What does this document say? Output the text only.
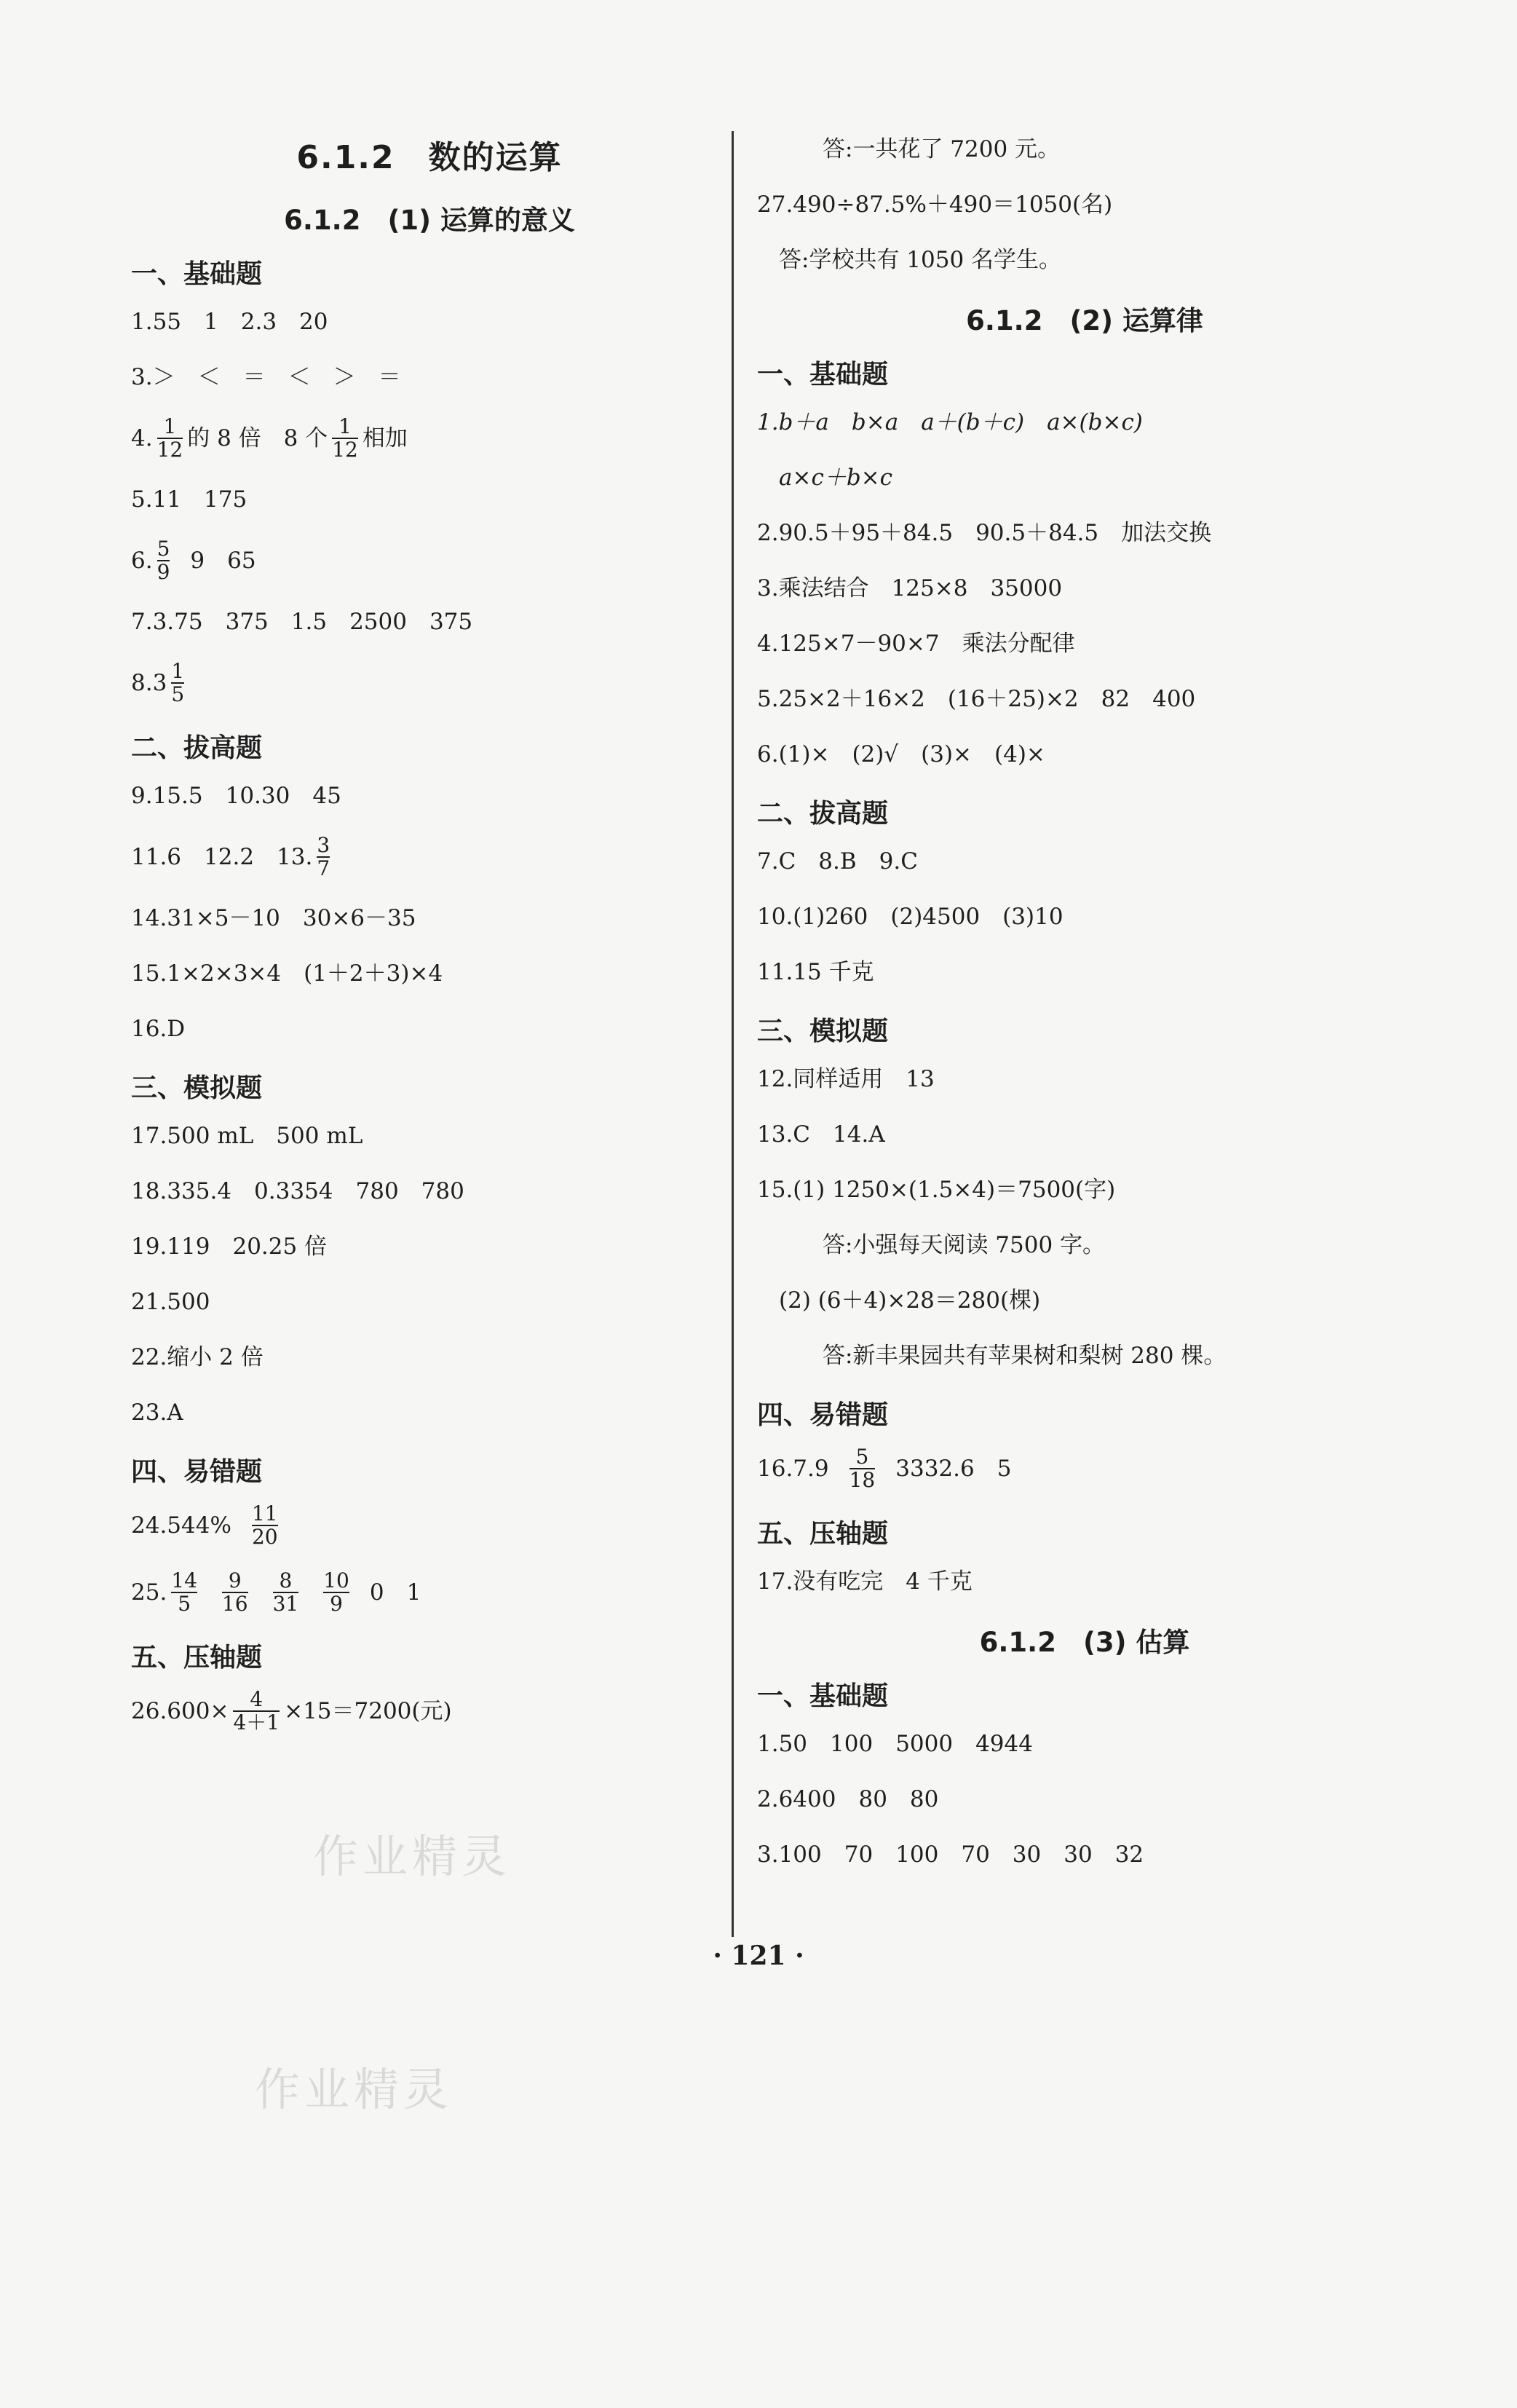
作业精灵
作业精灵
6.1.2　数的运算
6.1.2　(1) 运算的意义
一、基础题
1.55　1　2.3　20
3.＞　＜　＝　＜　＞　＝
4. $\frac{1}{12}$ 的 8 倍　8 个 $\frac{1}{12}$ 相加
5.11　175
6. $\frac{5}{9} 9$　65
7.3.75　375　1.5　2500　375
$8.3 \frac{1}{5}$
二、拔高题
9.15.5　10.30　45
11.6　12.2　13. $\frac{3}{7}$
14.31×5－10　30×6－35
15.1×2×3×4　(1＋2＋3)×4
16.D
三、模拟题
17.500 mL　500 mL
18.335.4　0.3354　780　780
19.119　20.25 倍
21.500
22.缩小 2 倍
23.A
四、易错题
$24.544\% \frac{11}{20}$
25. $\frac{14}{5} \frac{9}{16} \frac{8}{31} \frac{10}{9} 0$　1
五、压轴题
$26.600\times \frac{4}{4+1} \times 15=7200$(元)
答:一共花了 7200 元。
27.490÷87.5%＋490＝1050(名)
答:学校共有 1050 名学生。
6.1.2　(2) 运算律
一、基础题
1.b＋a　b×a　a＋(b＋c)　a×(b×c)
a×c＋b×c
2.90.5＋95＋84.5　90.5＋84.5　加法交换
3.乘法结合　125×8　35000
4.125×7－90×7　乘法分配律
5.25×2＋16×2　(16＋25)×2　82　400
6.(1)×　(2)√　(3)×　(4)×
二、拔高题
7.C　8.B　9.C
10.(1)260　(2)4500　(3)10
11.15 千克
三、模拟题
12.同样适用　13
13.C　14.A
15.(1) 1250×(1.5×4)＝7500(字)
答:小强每天阅读 7500 字。
(2) (6＋4)×28＝280(棵)
答:新丰果园共有苹果树和梨树 280 棵。
四、易错题
$16.7.9 \frac{5}{18} 3332.6$　5
五、压轴题
17.没有吃完　4 千克
6.1.2　(3) 估算
一、基础题
1.50　100　5000　4944
2.6400　80　80
3.100　70　100　70　30　30　32
· 121 ·
